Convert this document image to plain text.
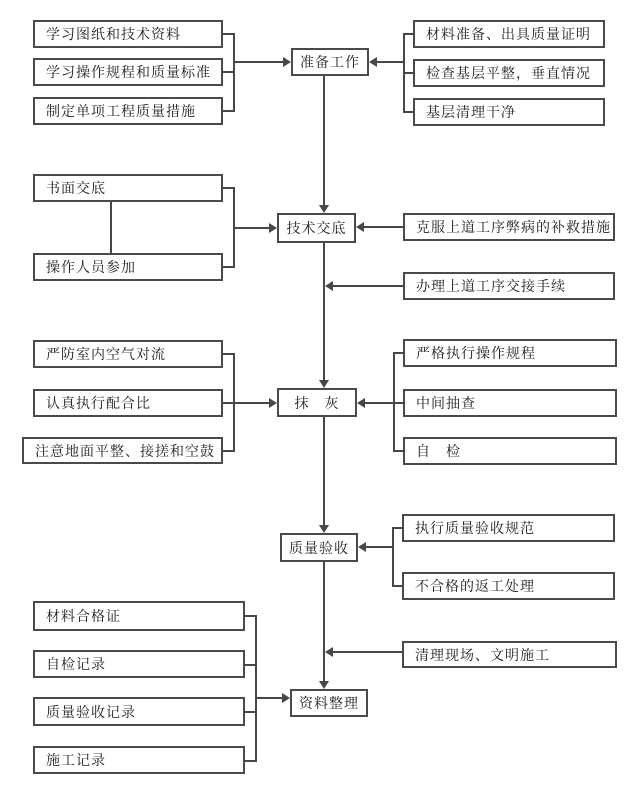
准备工作
技术交底
抹　灰
质量验收
资料整理
学习图纸和技术资料
学习操作规程和质量标准
制定单项工程质量措施
材料准备、出具质量证明
检查基层平整，垂直情况
基层清理干净
书面交底
操作人员参加
克服上道工序弊病的补救措施
办理上道工序交接手续
严防室内空气对流
认真执行配合比
注意地面平整、接搓和空鼓
严格执行操作规程
中间抽查
自　检
执行质量验收规范
不合格的返工处理
材料合格证
自检记录
质量验收记录
施工记录
清理现场、文明施工
